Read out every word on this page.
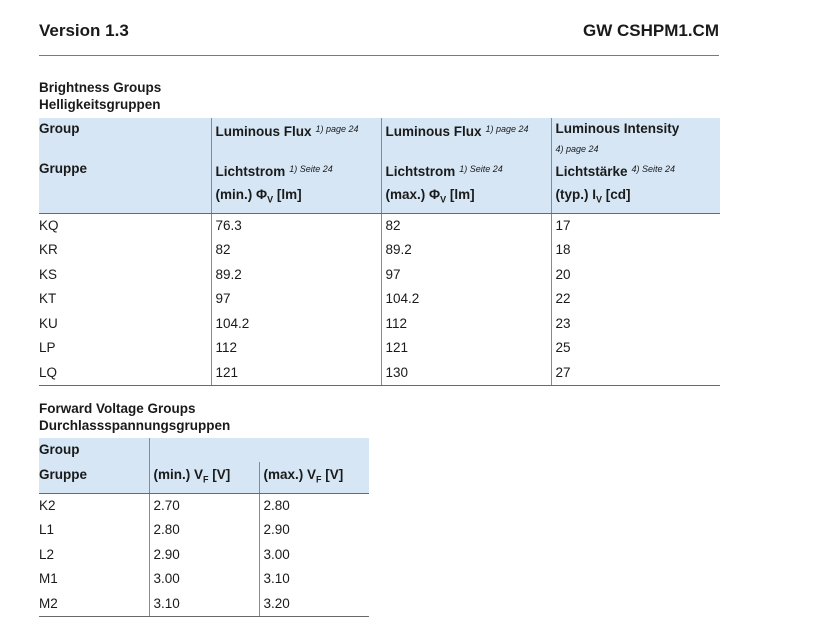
Version 1.3	GW CSHPM1.CM
Brightness Groups
Helligkeitsgruppen
Group	Luminous Flux $^{1) page 24}$	Luminous Flux $^{1) page 24}$	Luminous Intensity
4) page 24

Gruppe	Lichtstrom $^{1) Seite 24}$	Lichtstrom $^{1) Seite 24}$	Lichtstärke $^{4) Seite 24}$
	(min.) $\Phi_V$ [lm]	(max.) $\Phi_V$ [lm]	(typ.) $I_V$ [cd]
KQ	76.3	82	17
KR	82	89.2	18
KS	89.2	97	20
KT	97	104.2	22
KU	104.2	112	23
LP	112	121	25
LQ	121	130	27
Forward Voltage Groups
Durchlassspannungsgruppen
Group		
Gruppe	(min.) $V_F$ [V]	(max.) $V_F$ [V]
K2	2.70	2.80
L1	2.80	2.90
L2	2.90	3.00
M1	3.00	3.10
M2	3.10	3.20
